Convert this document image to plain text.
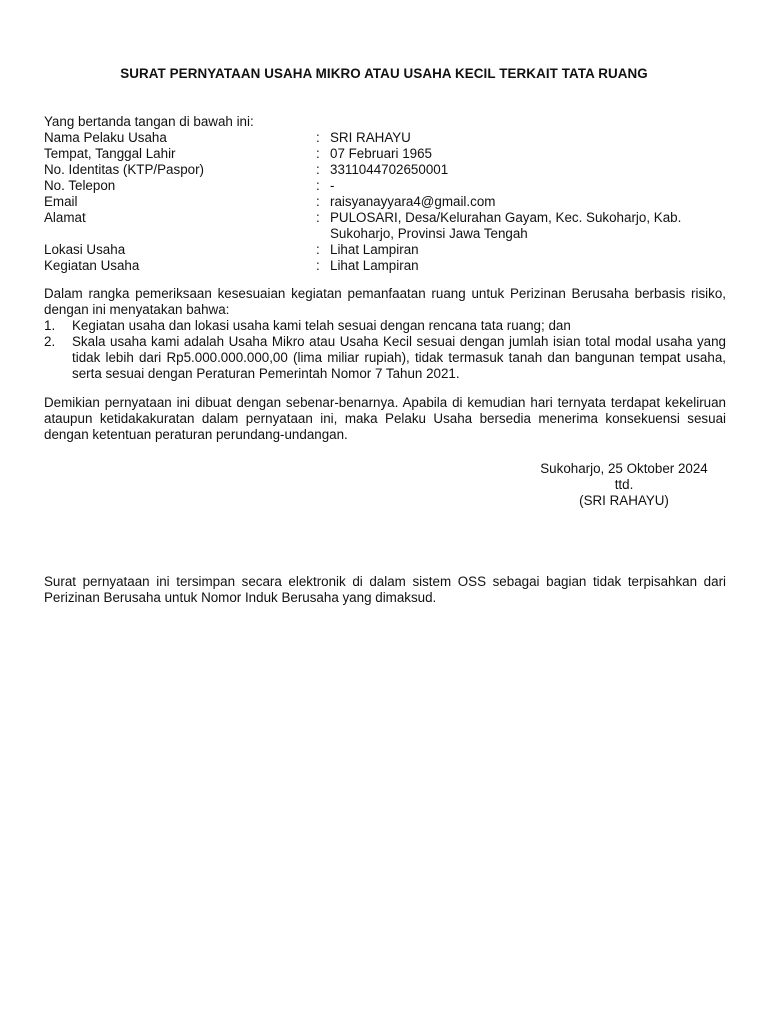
SURAT PERNYATAAN USAHA MIKRO ATAU USAHA KECIL TERKAIT TATA RUANG
Yang bertanda tangan di bawah ini:
Nama Pelaku Usaha	: SRI RAHAYU
Tempat, Tanggal Lahir	: 07 Februari 1965
No. Identitas (KTP/Paspor)	: 3311044702650001
No. Telepon	: -
Email	: raisyanayyara4@gmail.com
Alamat	: PULOSARI, Desa/Kelurahan Gayam, Kec. Sukoharjo, Kab. Sukoharjo, Provinsi Jawa Tengah
Lokasi Usaha	: Lihat Lampiran
Kegiatan Usaha	: Lihat Lampiran
Dalam rangka pemeriksaan kesesuaian kegiatan pemanfaatan ruang untuk Perizinan Berusaha berbasis risiko, dengan ini menyatakan bahwa:
1.	Kegiatan usaha dan lokasi usaha kami telah sesuai dengan rencana tata ruang; dan
2.	Skala usaha kami adalah Usaha Mikro atau Usaha Kecil sesuai dengan jumlah isian total modal usaha yang tidak lebih dari Rp5.000.000.000,00 (lima miliar rupiah), tidak termasuk tanah dan bangunan tempat usaha, serta sesuai dengan Peraturan Pemerintah Nomor 7 Tahun 2021.
Demikian pernyataan ini dibuat dengan sebenar-benarnya. Apabila di kemudian hari ternyata terdapat kekeliruan ataupun ketidakakuratan dalam pernyataan ini, maka Pelaku Usaha bersedia menerima konsekuensi sesuai dengan ketentuan peraturan perundang-undangan.
Sukoharjo, 25 Oktober 2024
ttd.
(SRI RAHAYU)
Surat pernyataan ini tersimpan secara elektronik di dalam sistem OSS sebagai bagian tidak terpisahkan dari Perizinan Berusaha untuk Nomor Induk Berusaha yang dimaksud.
